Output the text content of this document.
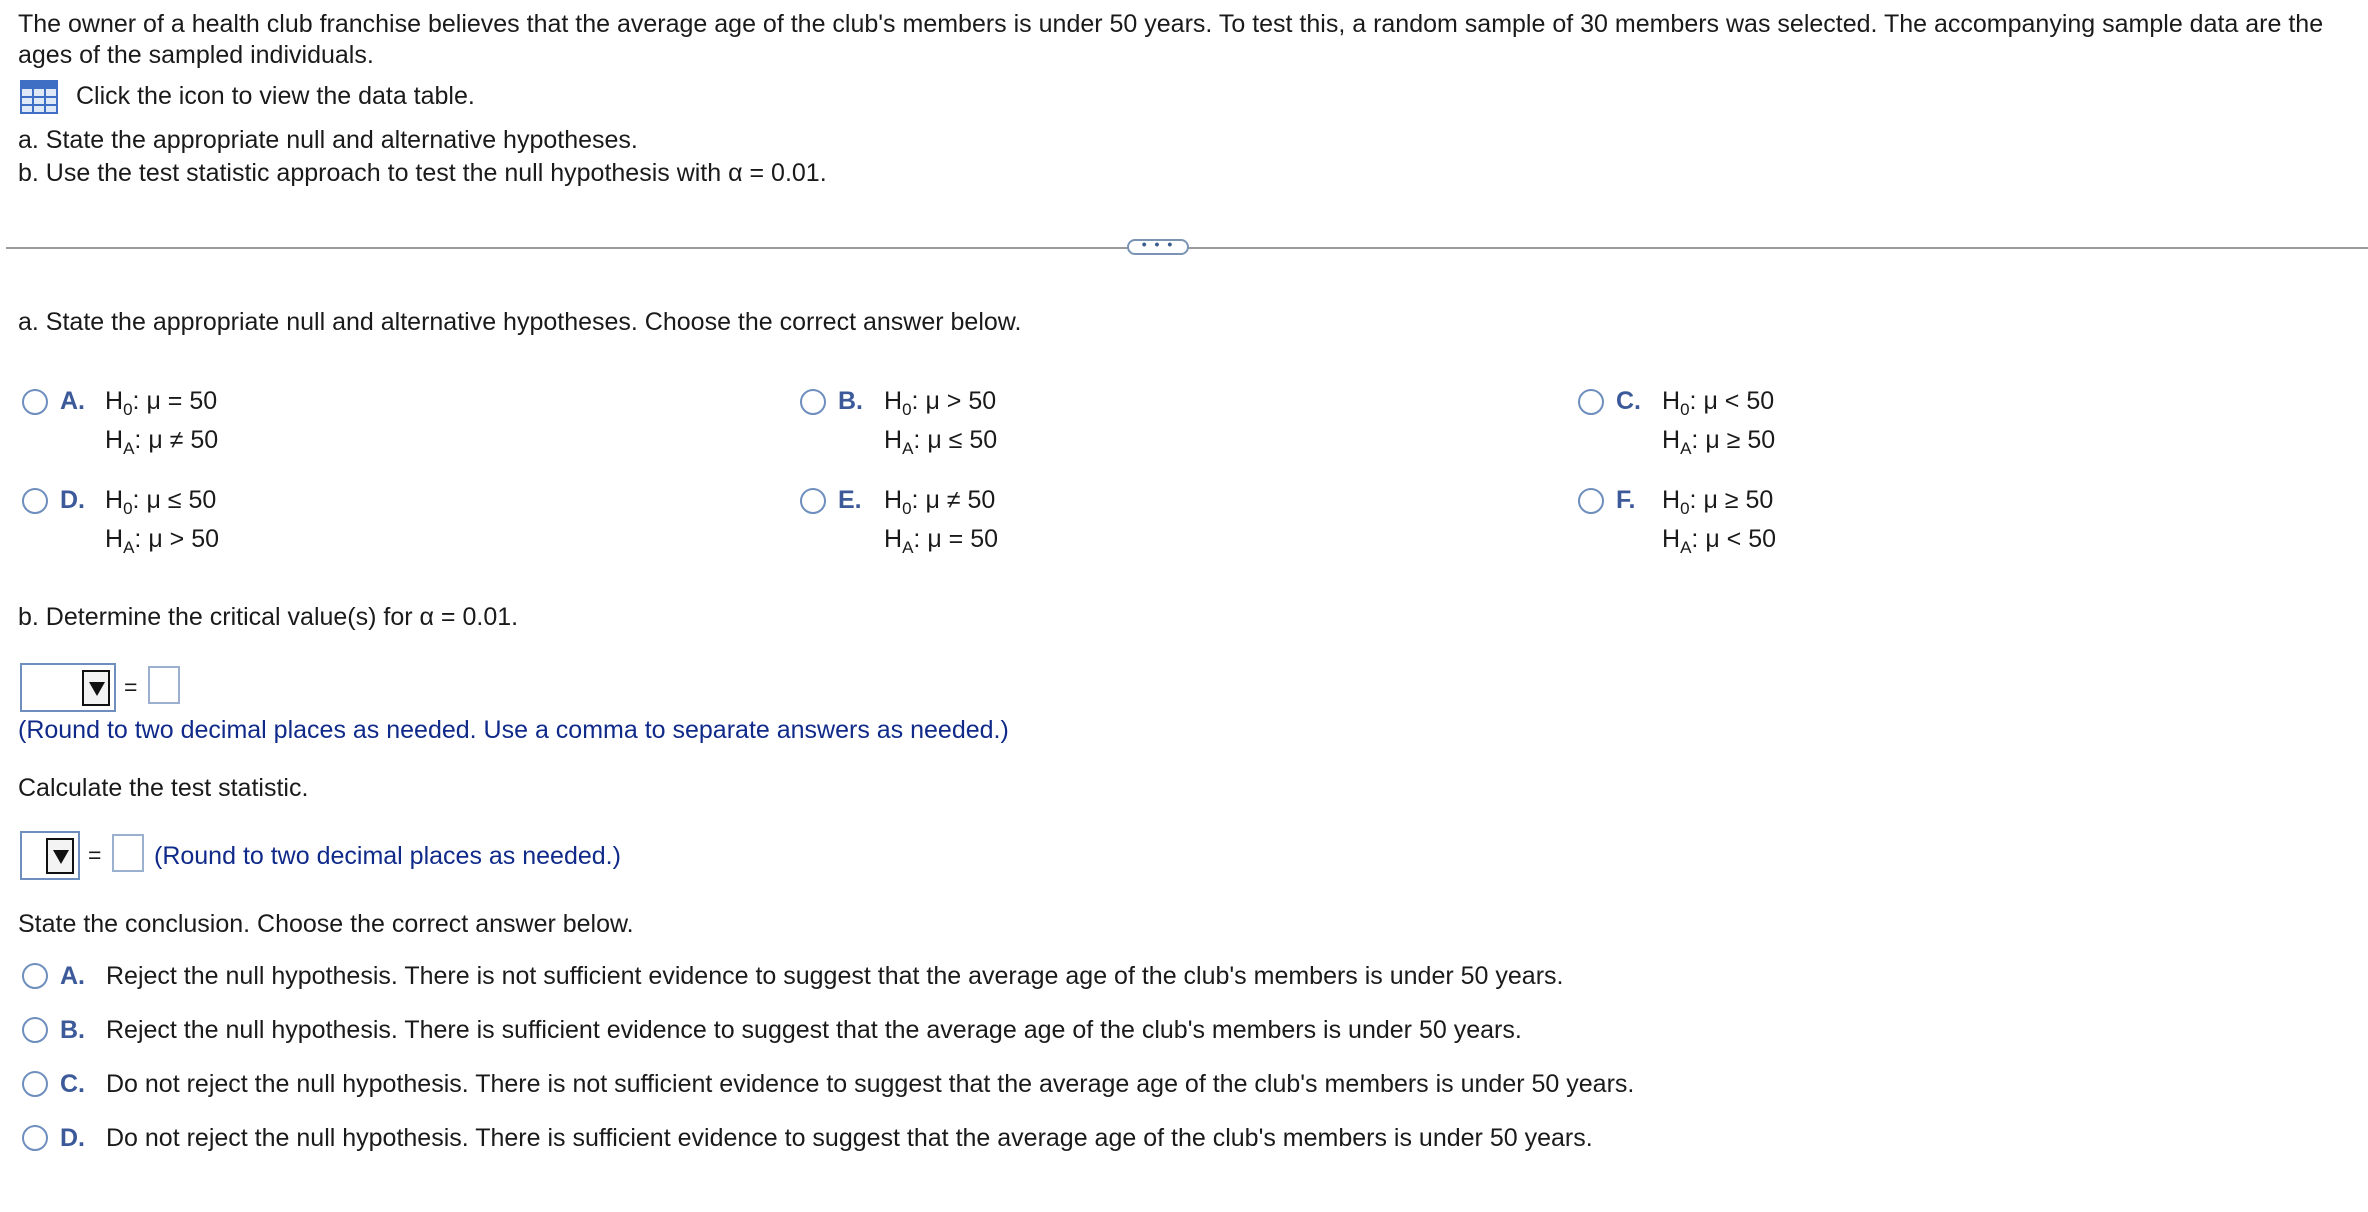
The owner of a health club franchise believes that the average age of the club's members is under 50 years. To test this, a random sample of 30 members was selected. The accompanying sample data are the ages of the sampled individuals.
Click the icon to view the data table.
a. State the appropriate null and alternative hypotheses.
b. Use the test statistic approach to test the null hypothesis with α = 0.01.
• • •
a. State the appropriate null and alternative hypotheses. Choose the correct answer below.
A. $H_0$: μ = 50
$H_A$: μ ≠ 50
B. $H_0$: μ > 50
$H_A$: μ ≤ 50
C. $H_0$: μ < 50
$H_A$: μ ≥ 50
D. $H_0$: μ ≤ 50
$H_A$: μ > 50
E. $H_0$: μ ≠ 50
$H_A$: μ = 50
F. $H_0$: μ ≥ 50
$H_A$: μ < 50
b. Determine the critical value(s) for α = 0.01.
=
(Round to two decimal places as needed. Use a comma to separate answers as needed.)
Calculate the test statistic.
= (Round to two decimal places as needed.)
State the conclusion. Choose the correct answer below.
A. Reject the null hypothesis. There is not sufficient evidence to suggest that the average age of the club's members is under 50 years.
B. Reject the null hypothesis. There is sufficient evidence to suggest that the average age of the club's members is under 50 years.
C. Do not reject the null hypothesis. There is not sufficient evidence to suggest that the average age of the club's members is under 50 years.
D. Do not reject the null hypothesis. There is sufficient evidence to suggest that the average age of the club's members is under 50 years.
